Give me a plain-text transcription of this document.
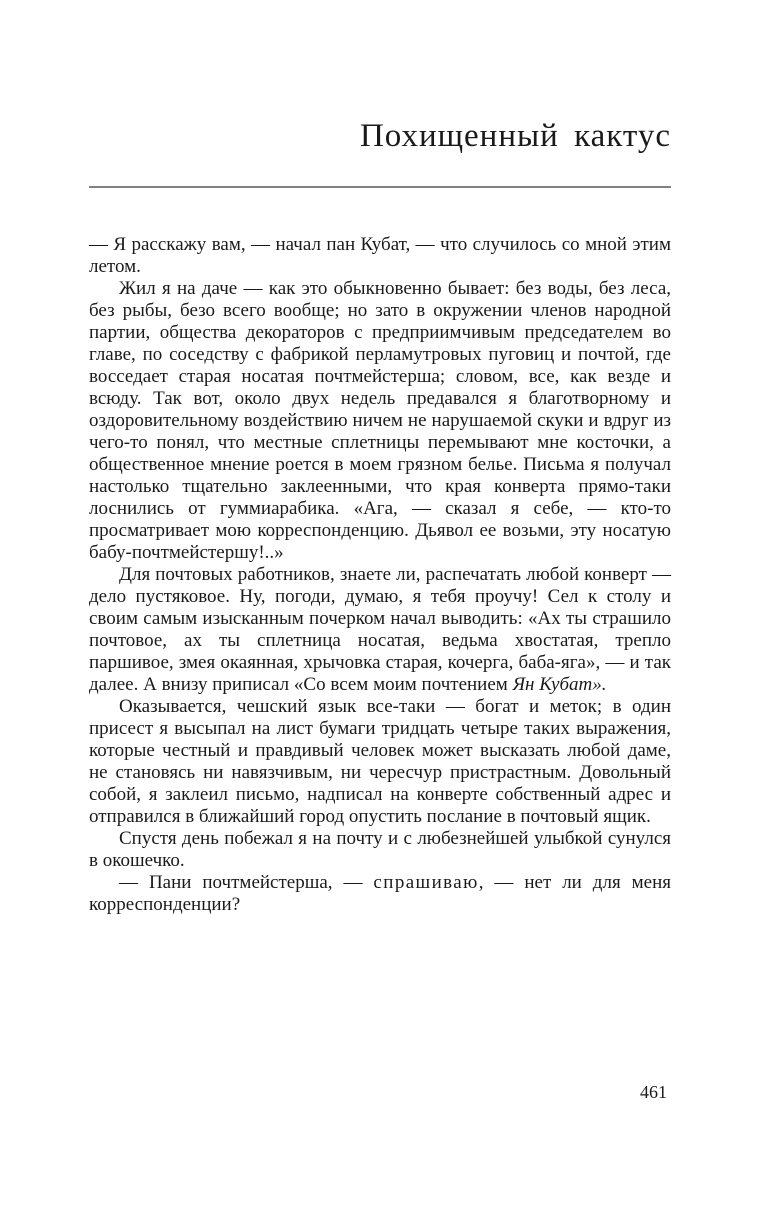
Похищенный кактус

— Я расскажу вам, — начал пан Кубат, — что случилось со мной этим летом.

Жил я на даче — как это обыкновенно бывает: без воды, без леса, без рыбы, безо всего вообще; но зато в окружении членов народной партии, общества декораторов с предприимчивым председателем во главе, по соседству с фабрикой перламутровых пуговиц и почтой, где восседает старая носатая почтмейстерша; словом, все, как везде и всюду. Так вот, около двух недель предавался я благотворному и оздоровительному воздействию ничем не нарушаемой скуки и вдруг из чего-то понял, что местные сплетницы перемывают мне косточки, а общественное мнение роется в моем грязном белье. Письма я получал настолько тщательно заклеенными, что края конверта прямо-таки лоснились от гуммиарабика. «Ага, — сказал я себе, — кто-то просматривает мою корреспонденцию. Дьявол ее возьми, эту носатую бабу-почтмейстершу!..»

Для почтовых работников, знаете ли, распечатать любой конверт — дело пустяковое. Ну, погоди, думаю, я тебя проучу! Сел к столу и своим самым изысканным почерком начал выводить: «Ах ты страшило почтовое, ах ты сплетница носатая, ведьма хвостатая, трепло паршивое, змея окаянная, хрычовка старая, кочерга, баба-яга», — и так далее. А внизу приписал «Со всем моим почтением Ян Кубат».

Оказывается, чешский язык все-таки — богат и меток; в один присест я высыпал на лист бумаги тридцать четыре таких выражения, которые честный и правдивый человек может высказать любой даме, не становясь ни навязчивым, ни чересчур пристрастным. Довольный собой, я заклеил письмо, надписал на конверте собственный адрес и отправился в ближайший город опустить послание в почтовый ящик.

Спустя день побежал я на почту и с любезнейшей улыбкой сунулся в окошечко.

— Пани почтмейстерша, — спрашиваю, — нет ли для меня корреспонденции?

461
